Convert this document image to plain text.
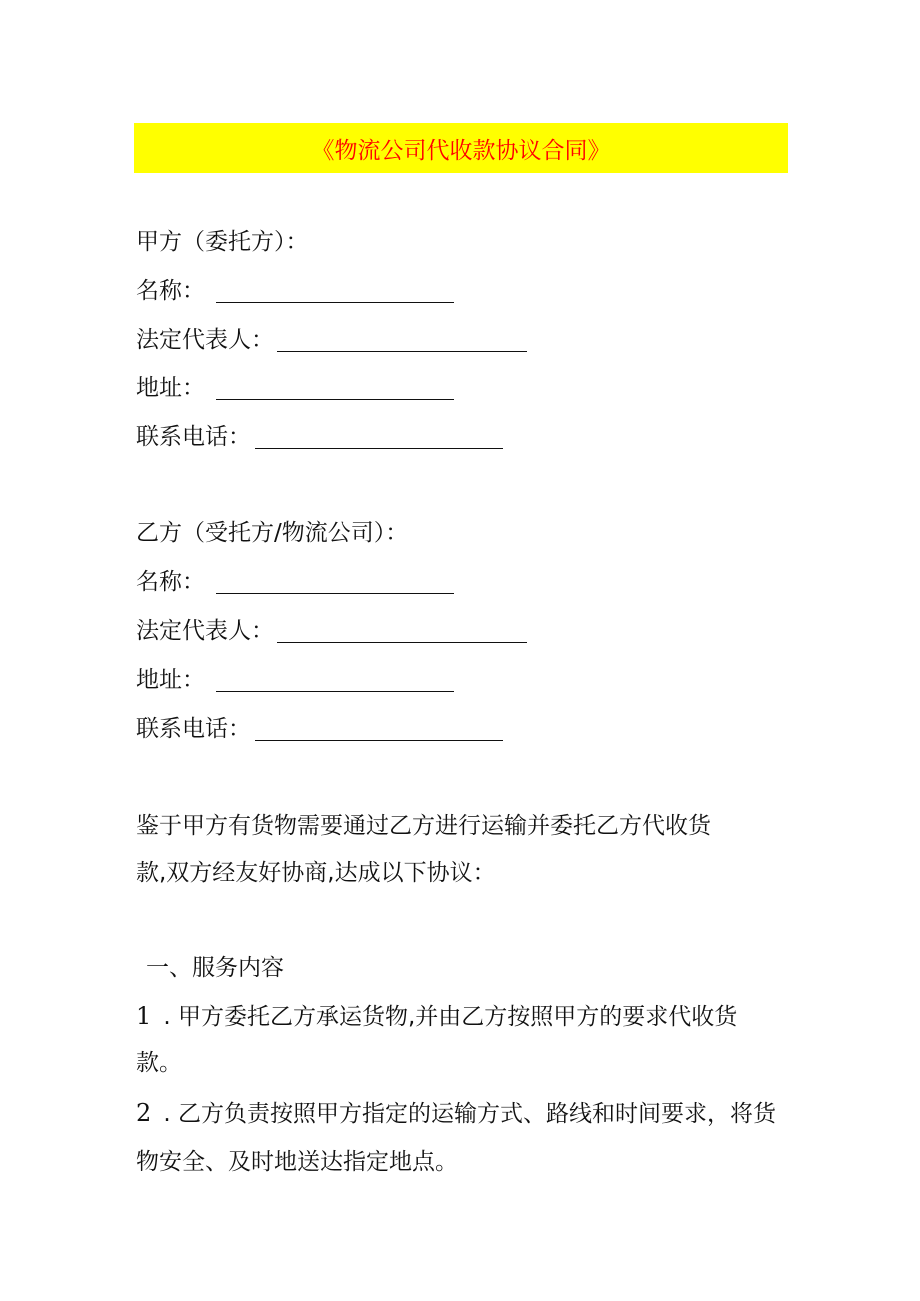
《物流公司代收款协议合同》
甲方（委托方）：
名称：
法定代表人：
地址：
联系电话：
乙方（受托方/物流公司）：
名称：
法定代表人：
地址：
联系电话：
鉴于甲方有货物需要通过乙方进行运输并委托乙方代收货
款,双方经友好协商,达成以下协议：
一、服务内容
1 . 甲方委托乙方承运货物,并由乙方按照甲方的要求代收货
款。
2 . 乙方负责按照甲方指定的运输方式、路线和时间要求，将货
物安全、及时地送达指定地点。
